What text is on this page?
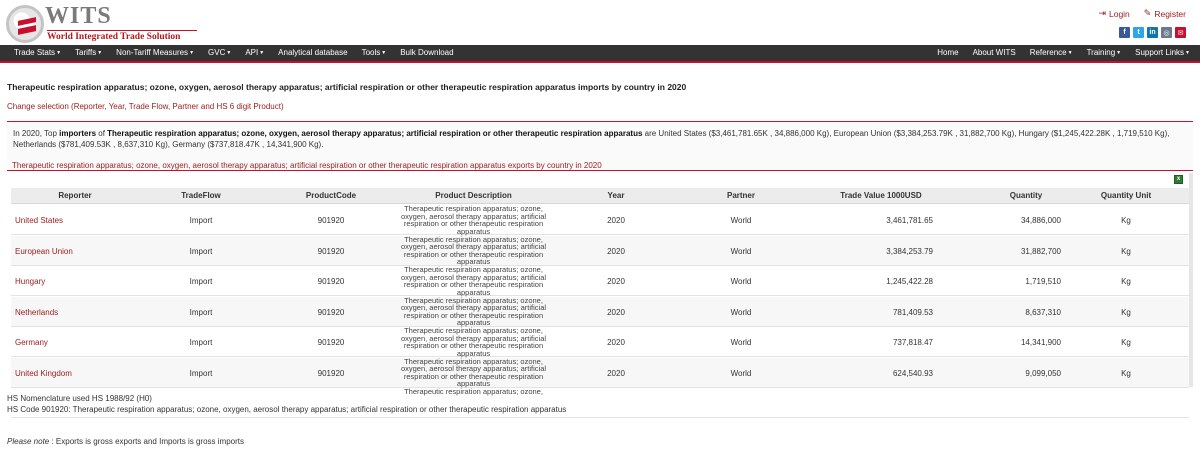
WITS
World Integrated Trade Solution
⇥ Login ✎ Register
f	t	in	◎	✉
Trade Stats▼	Tariffs▼	Non-Tariff Measures▼	GVC▼	API▼	Analytical database	Tools▼	Bulk Download	Home	About WITS	Reference▼	Training▼	Support Links▼
Therapeutic respiration apparatus; ozone, oxygen, aerosol therapy apparatus; artificial respiration or other therapeutic respiration apparatus imports by country in 2020
Change selection (Reporter, Year, Trade Flow, Partner and HS 6 digit Product)
In 2020, Top importers of Therapeutic respiration apparatus; ozone, oxygen, aerosol therapy apparatus; artificial respiration or other therapeutic respiration apparatus are United States ($3,461,781.65K , 34,886,000 Kg), European Union ($3,384,253.79K , 31,882,700 Kg), Hungary ($1,245,422.28K , 1,719,510 Kg), Netherlands ($781,409.53K , 8,637,310 Kg), Germany ($737,818.47K , 14,341,900 Kg).
Therapeutic respiration apparatus; ozone, oxygen, aerosol therapy apparatus; artificial respiration or other therapeutic respiration apparatus exports by country in 2020
x
Reporter	TradeFlow	ProductCode	Product Description	Year	Partner	Trade Value 1000USD	Quantity	Quantity Unit
United States	Import	901920
Therapeutic respiration apparatus; ozone, oxygen, aerosol therapy apparatus; artificial respiration or other therapeutic respiration apparatus
2020	World	3,461,781.65	34,886,000	Kg
European Union	Import	901920
Therapeutic respiration apparatus; ozone, oxygen, aerosol therapy apparatus; artificial respiration or other therapeutic respiration apparatus
2020	World	3,384,253.79	31,882,700	Kg
Hungary	Import	901920
Therapeutic respiration apparatus; ozone, oxygen, aerosol therapy apparatus; artificial respiration or other therapeutic respiration apparatus
2020	World	1,245,422.28	1,719,510	Kg
Netherlands	Import	901920
Therapeutic respiration apparatus; ozone, oxygen, aerosol therapy apparatus; artificial respiration or other therapeutic respiration apparatus
2020	World	781,409.53	8,637,310	Kg
Germany	Import	901920
Therapeutic respiration apparatus; ozone, oxygen, aerosol therapy apparatus; artificial respiration or other therapeutic respiration apparatus
2020	World	737,818.47	14,341,900	Kg
United Kingdom	Import	901920
Therapeutic respiration apparatus; ozone, oxygen, aerosol therapy apparatus; artificial respiration or other therapeutic respiration apparatus
2020	World	624,540.93	9,099,050	Kg
Therapeutic respiration apparatus; ozone,
HS Nomenclature used HS 1988/92 (H0)
HS Code 901920: Therapeutic respiration apparatus; ozone, oxygen, aerosol therapy apparatus; artificial respiration or other therapeutic respiration apparatus
Please note : Exports is gross exports and Imports is gross imports
